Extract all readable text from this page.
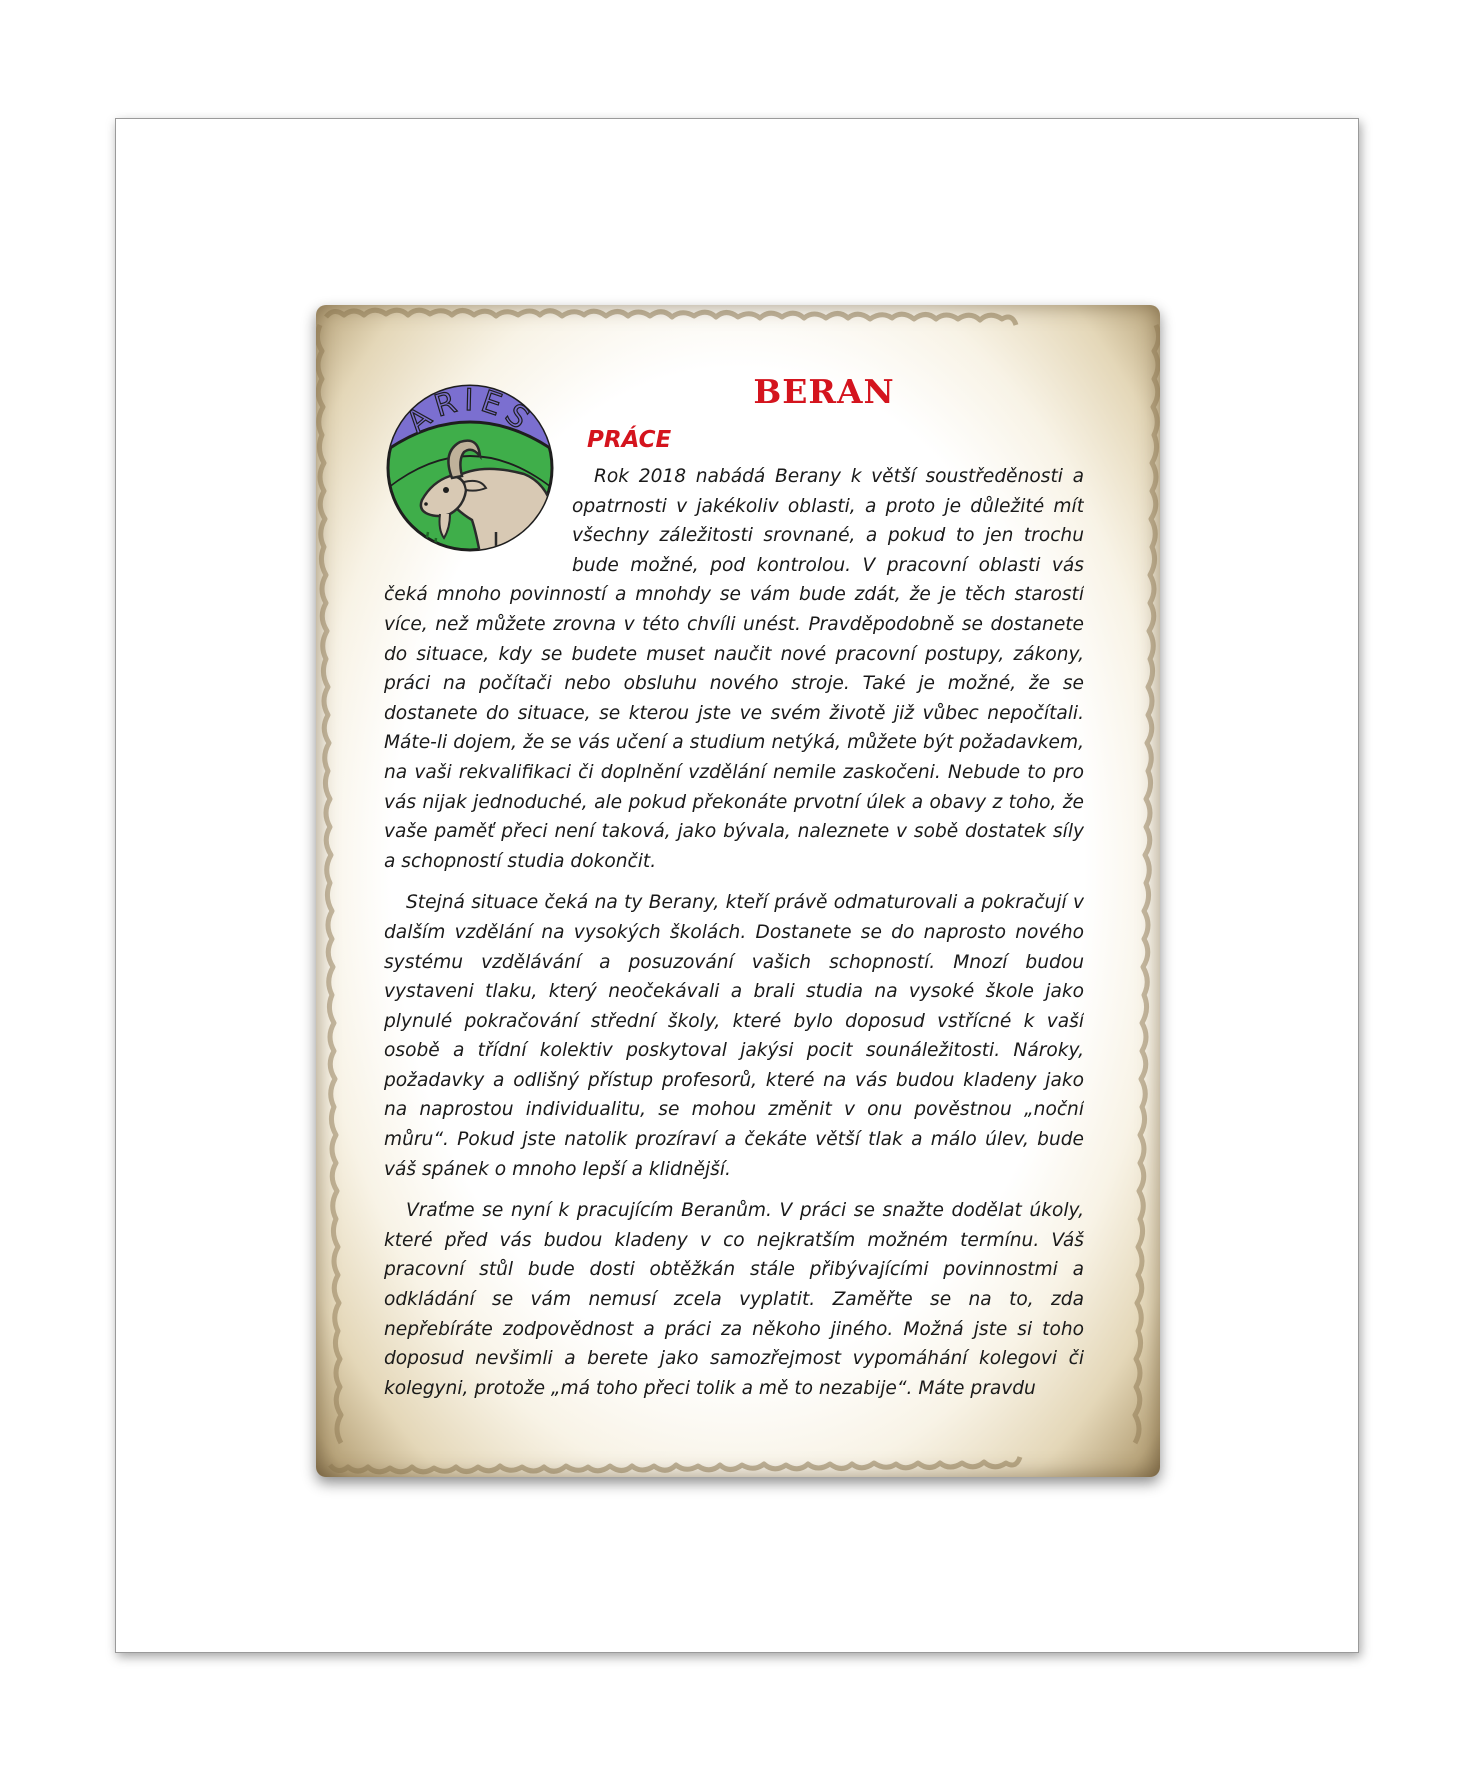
ARIES
BERAN
PRÁCE

Rok 2018 nabádá Berany k větší soustředěnosti a opatrnosti v jakékoliv oblasti, a proto je důležité mít všechny záležitosti srovnané, a pokud to jen trochu bude možné, pod kontrolou. V pracovní oblasti vás čeká mnoho povinností a mnohdy se vám bude zdát, že je těch starostí více, než můžete zrovna v této chvíli unést. Pravděpodobně se dostanete do situace, kdy se budete muset naučit nové pracovní postupy, zákony, práci na počítači nebo obsluhu nového stroje. Také je možné, že se dostanete do situace, se kterou jste ve svém životě již vůbec nepočítali. Máte-li dojem, že se vás učení a studium netýká, můžete být požadavkem, na vaši rekvalifikaci či doplnění vzdělání nemile zaskočeni. Nebude to pro vás nijak jednoduché, ale pokud překonáte prvotní úlek a obavy z toho, že vaše paměť přeci není taková, jako bývala, naleznete v sobě dostatek síly a schopností studia dokončit.

Stejná situace čeká na ty Berany, kteří právě odmaturovali a pokračují v dalším vzdělání na vysokých školách. Dostanete se do naprosto nového systému vzdělávání a posuzování vašich schopností. Mnozí budou vystaveni tlaku, který neočekávali a brali studia na vysoké škole jako plynulé pokračování střední školy, které bylo doposud vstřícné k vaší osobě a třídní kolektiv poskytoval jakýsi pocit sounáležitosti. Nároky, požadavky a odlišný přístup profesorů, které na vás budou kladeny jako na naprostou individualitu, se mohou změnit v onu pověstnou „noční můru“. Pokud jste natolik prozíraví a čekáte větší tlak a málo úlev, bude váš spánek o mnoho lepší a klidnější.

Vraťme se nyní k pracujícím Beranům. V práci se snažte dodělat úkoly, které před vás budou kladeny v co nejkratším možném termínu. Váš pracovní stůl bude dosti obtěžkán stále přibývajícími povinnostmi a odkládání se vám nemusí zcela vyplatit. Zaměřte se na to, zda nepřebíráte zodpovědnost a práci za někoho jiného. Možná jste si toho doposud nevšimli a berete jako samozřejmost vypomáhání kolegovi či kolegyni, protože „má toho přeci tolik a mě to nezabije“. Máte pravdu
